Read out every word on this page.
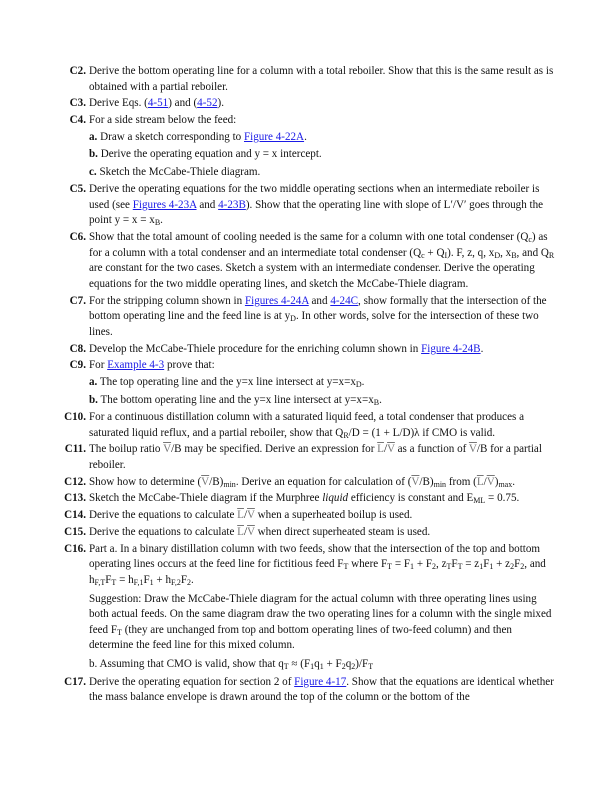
C2. Derive the bottom operating line for a column with a total reboiler. Show that this is the same result as is obtained with a partial reboiler.
C3. Derive Eqs. (4-51) and (4-52).
C4. For a side stream below the feed:
a. Draw a sketch corresponding to Figure 4-22A.
b. Derive the operating equation and y = x intercept.
c. Sketch the McCabe-Thiele diagram.
C5. Derive the operating equations for the two middle operating sections when an intermediate reboiler is used (see Figures 4-23A and 4-23B). Show that the operating line with slope of L′/V′ goes through the point $y = x = x_B$.
C6. Show that the total amount of cooling needed is the same for a column with one total condenser $(Q_c)$ as for a column with a total condenser and an intermediate total condenser $(Q_c + Q_I)$. F, z, q, $x_D$, $x_B$, and $Q_R$ are constant for the two cases. Sketch a system with an intermediate condenser. Derive the operating equations for the two middle operating lines, and sketch the McCabe-Thiele diagram.
C7. For the stripping column shown in Figures 4-24A and 4-24C, show formally that the intersection of the bottom operating line and the feed line is at $y_D$. In other words, solve for the intersection of these two lines.
C8. Develop the McCabe-Thiele procedure for the enriching column shown in Figure 4-24B.
C9. For Example 4-3 prove that:
a. The top operating line and the y=x line intersect at $y=x=x_D$.
b. The bottom operating line and the y=x line intersect at $y=x=x_B$.
C10. For a continuous distillation column with a saturated liquid feed, a total condenser that produces a saturated liquid reflux, and a partial reboiler, show that $Q_R/D = (1 + L/D)\lambda$ if CMO is valid.
C11. The boilup ratio $\overline{V}/B$ may be specified. Derive an expression for $\overline{L}/\overline{V}$ as a function of $\overline{V}/B$ for a partial reboiler.
C12. Show how to determine $(\overline{V}/B)_{min}$. Derive an equation for calculation of $(\overline{V}/B)_{min}$ from $(\overline{L}/\overline{V})_{max}$.
C13. Sketch the McCabe-Thiele diagram if the Murphree liquid efficiency is constant and $E_{ML} = 0.75$.
C14. Derive the equations to calculate $\overline{L}/\overline{V}$ when a superheated boilup is used.
C15. Derive the equations to calculate $\overline{L}/\overline{V}$ when direct superheated steam is used.
C16. Part a. In a binary distillation column with two feeds, show that the intersection of the top and bottom operating lines occurs at the feed line for fictitious feed $F_T$ where $F_T = F_1 + F_2$, $z_TF_T = z_1F_1 + z_2F_2$, and $h_{F,T}F_T = h_{F,1}F_1 + h_{F,2}F_2$.
Suggestion: Draw the McCabe-Thiele diagram for the actual column with three operating lines using both actual feeds. On the same diagram draw the two operating lines for a column with the single mixed feed $F_T$ (they are unchanged from top and bottom operating lines of two-feed column) and then determine the feed line for this mixed column.
b. Assuming that CMO is valid, show that $q_T \approx (F_1q_1 + F_2q_2)/F_T$
C17. Derive the operating equation for section 2 of Figure 4-17. Show that the equations are identical whether the mass balance envelope is drawn around the top of the column or the bottom of the
